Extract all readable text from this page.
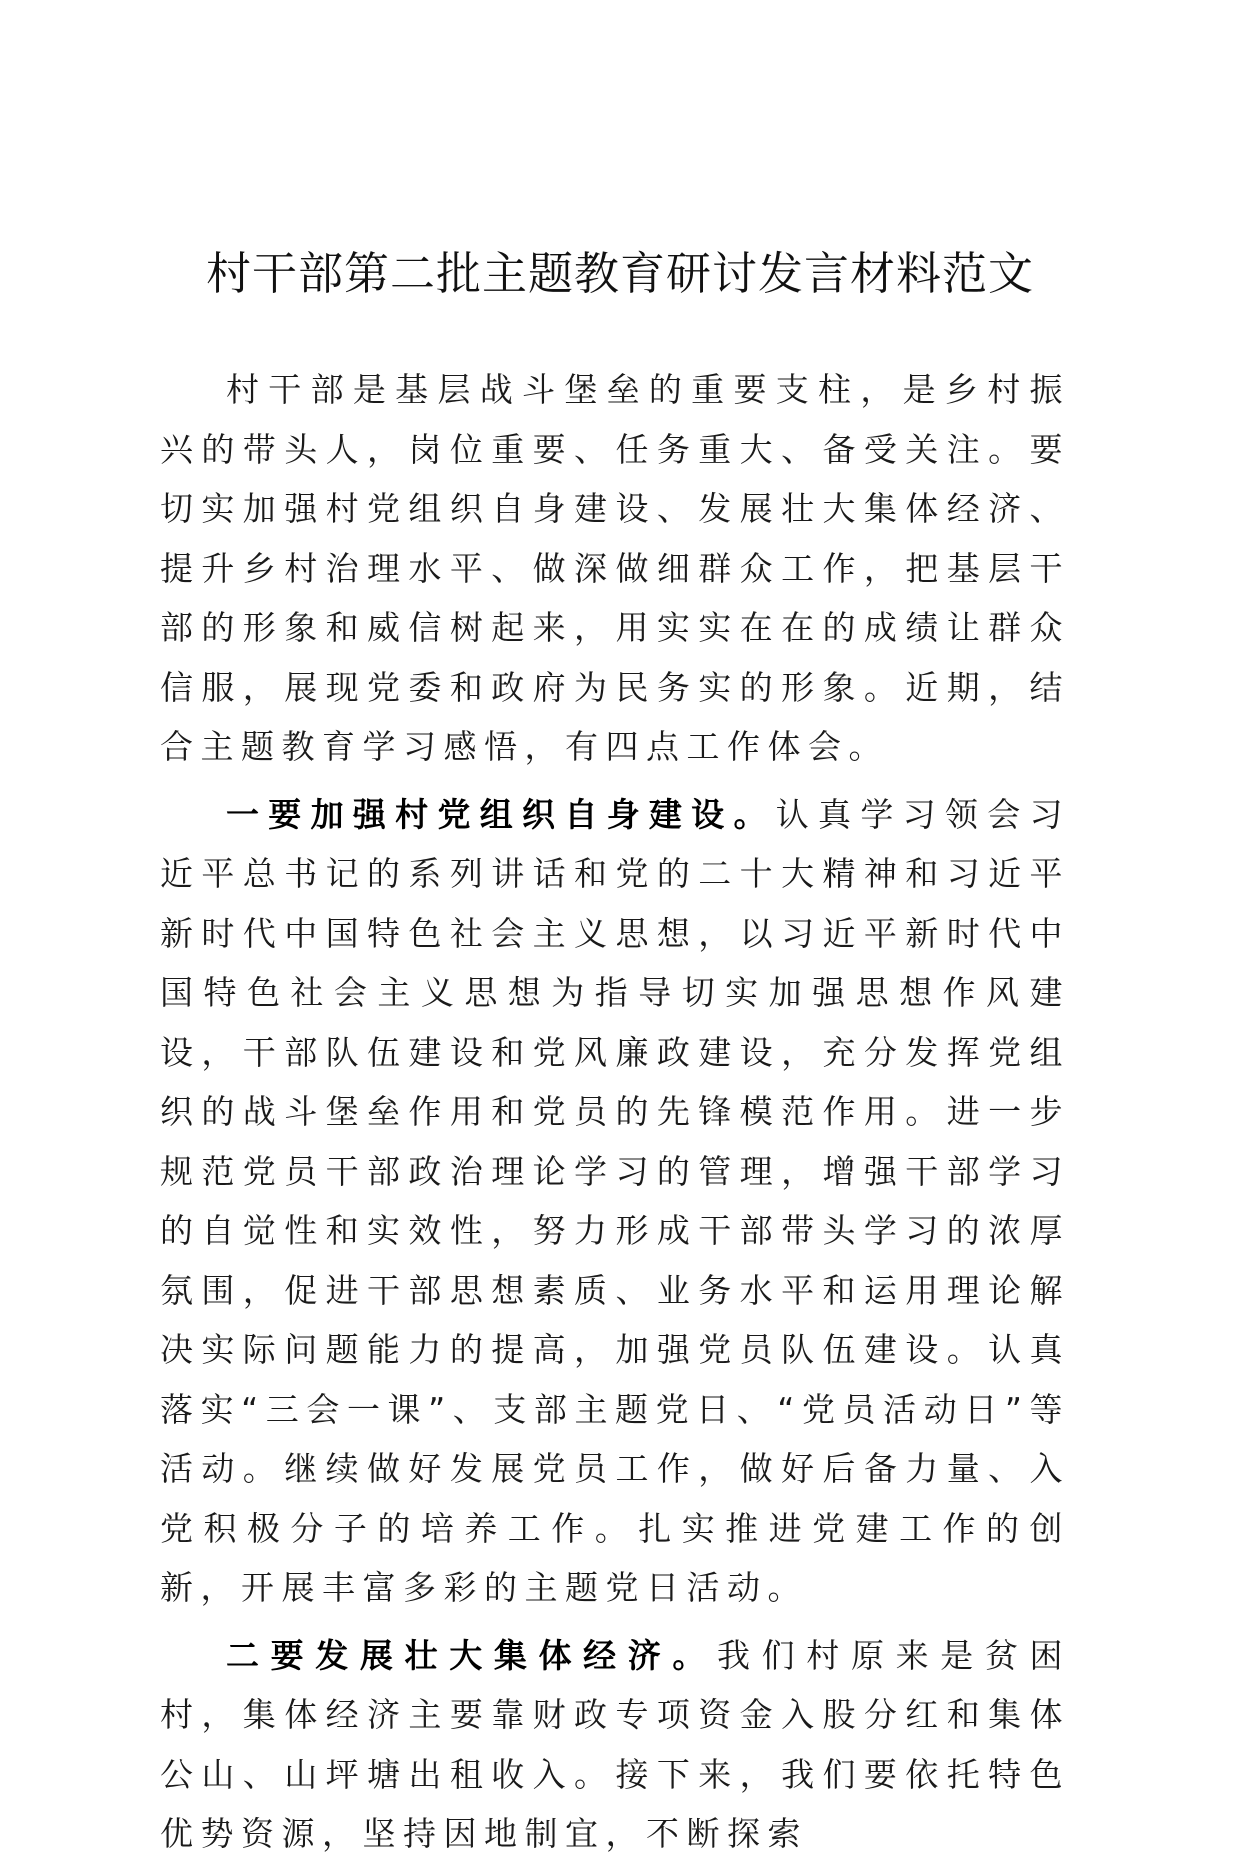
村干部第二批主题教育研讨发言材料范文

村干部是基层战斗堡垒的重要支柱，是乡村振兴的带头人，岗位重要、任务重大、备受关注。要切实加强村党组织自身建设、发展壮大集体经济、提升乡村治理水平、做深做细群众工作，把基层干部的形象和威信树起来，用实实在在的成绩让群众信服，展现党委和政府为民务实的形象。近期，结合主题教育学习感悟，有四点工作体会。

一要加强村党组织自身建设。认真学习领会习近平总书记的系列讲话和党的二十大精神和习近平新时代中国特色社会主义思想，以习近平新时代中国特色社会主义思想为指导切实加强思想作风建设，干部队伍建设和党风廉政建设，充分发挥党组织的战斗堡垒作用和党员的先锋模范作用。进一步规范党员干部政治理论学习的管理，增强干部学习的自觉性和实效性，努力形成干部带头学习的浓厚氛围，促进干部思想素质、业务水平和运用理论解决实际问题能力的提高，加强党员队伍建设。认真落实“三会一课”、支部主题党日、“党员活动日”等活动。继续做好发展党员工作，做好后备力量、入党积极分子的培养工作。扎实推进党建工作的创新，开展丰富多彩的主题党日活动。

二要发展壮大集体经济。我们村原来是贫困村，集体经济主要靠财政专项资金入股分红和集体公山、山坪塘出租收入。接下来，我们要依托特色优势资源，坚持因地制宜，不断探索
